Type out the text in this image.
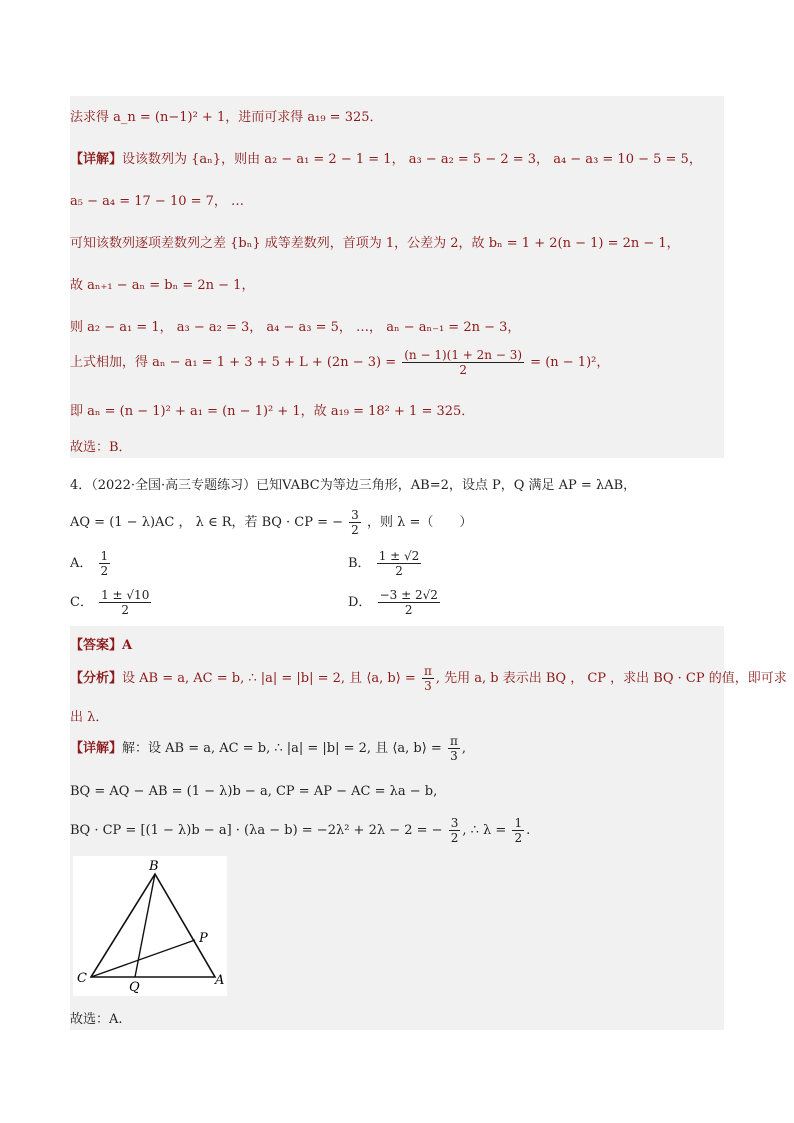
法求得 a_n = (n−1)² + 1，进而可求得 a₁₉ = 325．
【详解】设该数列为 {aₙ}，则由 a₂ − a₁ = 2 − 1 = 1， a₃ − a₂ = 5 − 2 = 3， a₄ − a₃ = 10 − 5 = 5，
a₅ − a₄ = 17 − 10 = 7， …
可知该数列逐项差数列之差 {bₙ} 成等差数列，首项为 1，公差为 2，故 bₙ = 1 + 2(n − 1) = 2n − 1，
故 aₙ₊₁ − aₙ = bₙ = 2n − 1，
则 a₂ − a₁ = 1， a₃ − a₂ = 3， a₄ − a₃ = 5， …， aₙ − aₙ₋₁ = 2n − 3，
上式相加，得 $a_n - a_1 = 1 + 3 + 5 + L + (2n - 3) = \frac{(n - 1)(1 + 2n - 3)}{2} = (n - 1)^2$，
即 aₙ = (n − 1)² + a₁ = (n − 1)² + 1，故 a₁₉ = 18² + 1 = 325．
故选：B．
4．（2022·全国·高三专题练习）已知VABC为等边三角形，AB=2，设点 P，Q 满足 AP = λAB，
AQ = (1 − λ)AC ， λ ∈ R，若 BQ · CP = − $\frac{3}{2}$ ，则 λ =（　　）
A． $\frac{1}{2}$	B． $\frac{1 \pm √2}{2}$
C． $\frac{1 \pm √10}{2}$	D． $\frac{-3 \pm 2√2}{2}$
【答案】A
【分析】设 AB = a, AC = b, ∴ |a| = |b| = 2, 且 ⟨a, b⟩ = $\frac{\pi}{3}$ , 先用 a, b 表示出 BQ ， CP ，求出 BQ · CP 的值，即可求
出 λ．
【详解】解：设 AB = a, AC = b, ∴ |a| = |b| = 2, 且 ⟨a, b⟩ = $\frac{\pi}{3}$ ,
BQ = AQ − AB = (1 − λ)b − a, CP = AP − AC = λa − b,
BQ · CP = [(1 − λ)b − a] · (λa − b) = −2λ² + 2λ − 2 = − $\frac{3}{2}$ , ∴ $\lambda = \frac{1}{2}$ .
B
C	A
P
Q
故选：A.
